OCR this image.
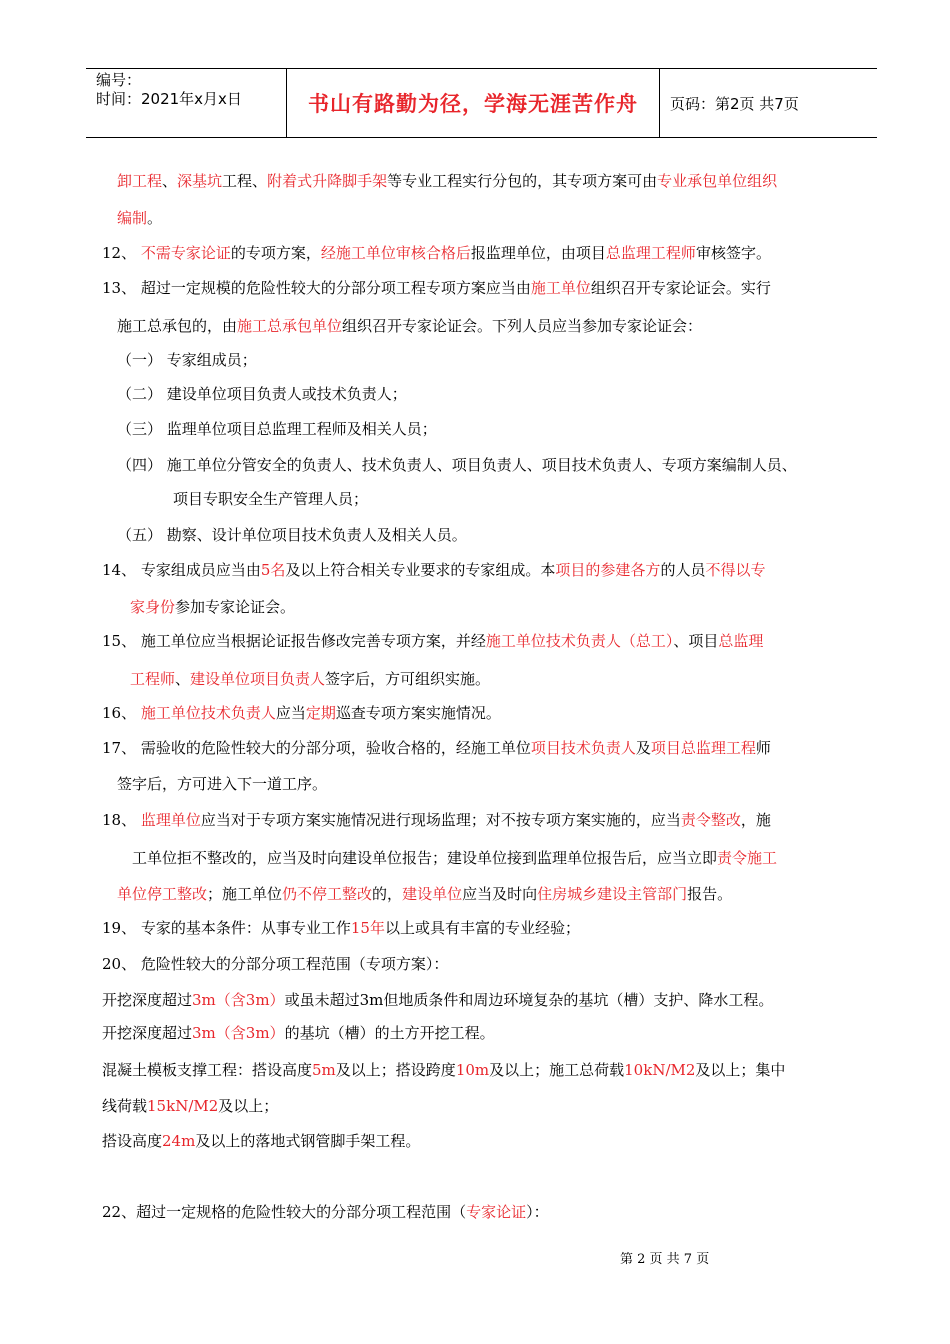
编号：
时间：2021年x月x日	书山有路勤为径，学海无涯苦作舟	页码：第2页 共7页
卸工程、深基坑工程、附着式升降脚手架等专业工程实行分包的，其专项方案可由专业承包单位组织
编制。
12、 不需专家论证的专项方案，经施工单位审核合格后报监理单位，由项目总监理工程师审核签字。
13、 超过一定规模的危险性较大的分部分项工程专项方案应当由施工单位组织召开专家论证会。实行
施工总承包的，由施工总承包单位组织召开专家论证会。下列人员应当参加专家论证会：
（一） 专家组成员；
（二） 建设单位项目负责人或技术负责人；
（三） 监理单位项目总监理工程师及相关人员；
（四） 施工单位分管安全的负责人、技术负责人、项目负责人、项目技术负责人、专项方案编制人员、
项目专职安全生产管理人员；
（五） 勘察、设计单位项目技术负责人及相关人员。
14、 专家组成员应当由5名及以上符合相关专业要求的专家组成。本项目的参建各方的人员不得以专
家身份参加专家论证会。
15、 施工单位应当根据论证报告修改完善专项方案，并经施工单位技术负责人（总工）、项目总监理
工程师、建设单位项目负责人签字后，方可组织实施。
16、 施工单位技术负责人应当定期巡查专项方案实施情况。
17、 需验收的危险性较大的分部分项，验收合格的，经施工单位项目技术负责人及项目总监理工程师
签字后，方可进入下一道工序。
18、 监理单位应当对于专项方案实施情况进行现场监理；对不按专项方案实施的，应当责令整改，施
工单位拒不整改的，应当及时向建设单位报告；建设单位接到监理单位报告后，应当立即责令施工
单位停工整改；施工单位仍不停工整改的，建设单位应当及时向住房城乡建设主管部门报告。
19、 专家的基本条件：从事专业工作15年以上或具有丰富的专业经验；
20、 危险性较大的分部分项工程范围（专项方案）：
开挖深度超过3m（含3m）或虽未超过3m但地质条件和周边环境复杂的基坑（槽）支护、降水工程。
开挖深度超过3m（含3m）的基坑（槽）的土方开挖工程。
混凝土模板支撑工程：搭设高度5m及以上；搭设跨度10m及以上；施工总荷载10kN/M2及以上；集中
线荷载15kN/M2及以上；
搭设高度24m及以上的落地式钢管脚手架工程。
22、超过一定规格的危险性较大的分部分项工程范围（专家论证）：
第 2 页 共 7 页
